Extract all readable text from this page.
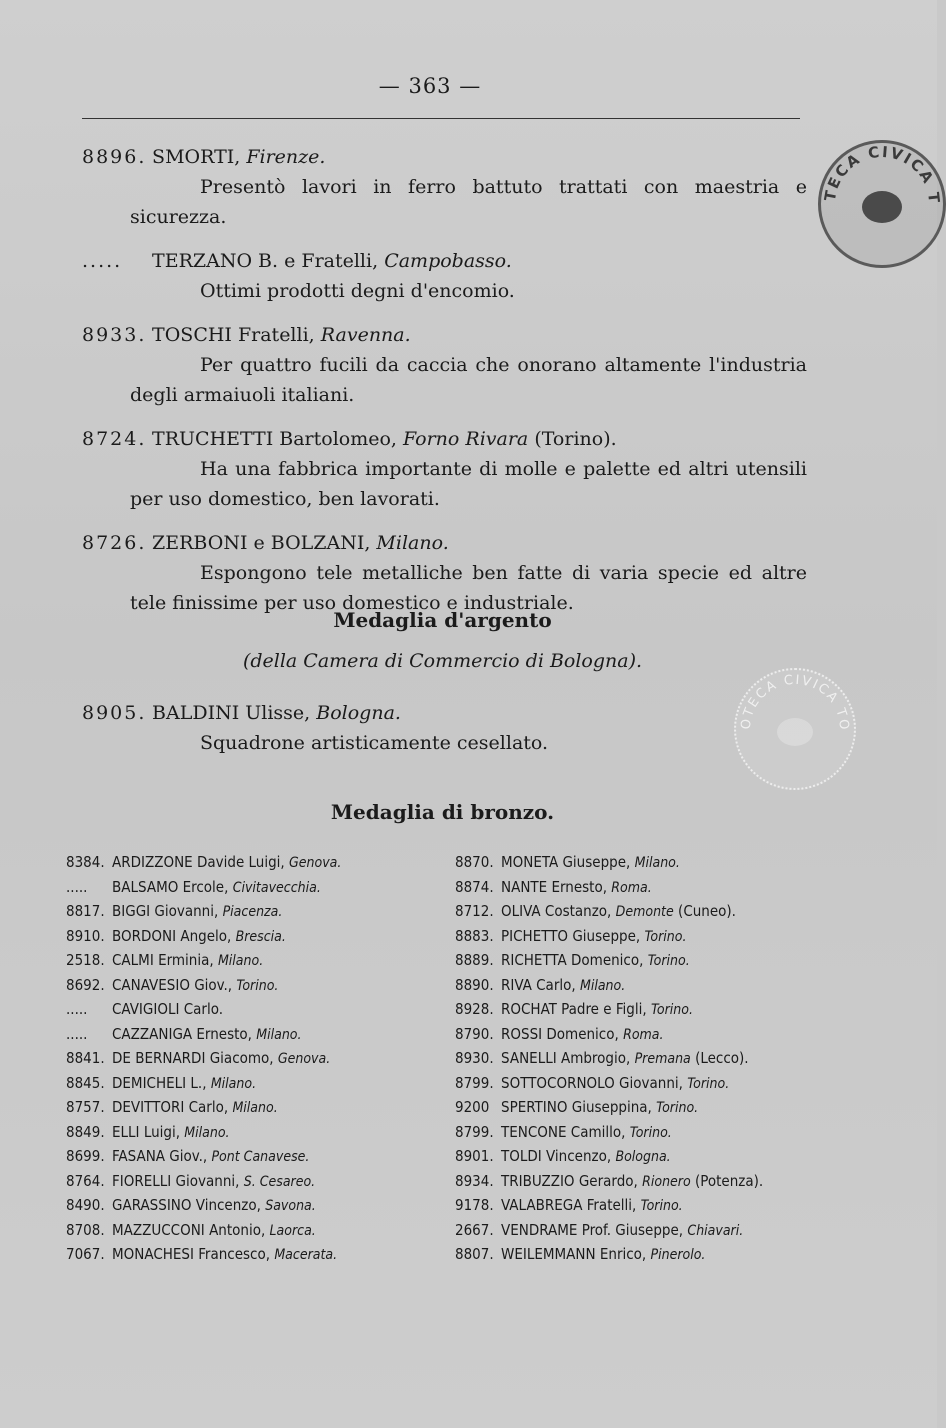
— 363 —
TECA CIVICA T
OTECA CIVICA TO
8896. SMORTI, Firenze.
Presentò lavori in ferro battuto trattati con maestria e sicurezza.
..... TERZANO B. e Fratelli, Campobasso.
Ottimi prodotti degni d'encomio.
8933. TOSCHI Fratelli, Ravenna.
Per quattro fucili da caccia che onorano altamente l'industria degli armaiuoli italiani.
8724. TRUCHETTI Bartolomeo, Forno Rivara (Torino).
Ha una fabbrica importante di molle e palette ed altri utensili per uso domestico, ben lavorati.
8726. ZERBONI e BOLZANI, Milano.
Espongono tele metalliche ben fatte di varia specie ed altre tele finissime per uso domestico e industriale.
Medaglia d'argento
(della Camera di Commercio di Bologna).
8905. BALDINI Ulisse, Bologna.
Squadrone artisticamente cesellato.
Medaglia di bronzo.
8384. ARDIZZONE Davide Luigi, Genova.
..... BALSAMO Ercole, Civitavecchia.
8817. BIGGI Giovanni, Piacenza.
8910. BORDONI Angelo, Brescia.
2518. CALMI Erminia, Milano.
8692. CANAVESIO Giov., Torino.
..... CAVIGIOLI Carlo.
..... CAZZANIGA Ernesto, Milano.
8841. DE BERNARDI Giacomo, Genova.
8845. DEMICHELI L., Milano.
8757. DEVITTORI Carlo, Milano.
8849. ELLI Luigi, Milano.
8699. FASANA Giov., Pont Canavese.
8764. FIORELLI Giovanni, S. Cesareo.
8490. GARASSINO Vincenzo, Savona.
8708. MAZZUCCONI Antonio, Laorca.
7067. MONACHESI Francesco, Macerata.
8870. MONETA Giuseppe, Milano.
8874. NANTE Ernesto, Roma.
8712. OLIVA Costanzo, Demonte (Cuneo).
8883. PICHETTO Giuseppe, Torino.
8889. RICHETTA Domenico, Torino.
8890. RIVA Carlo, Milano.
8928. ROCHAT Padre e Figli, Torino.
8790. ROSSI Domenico, Roma.
8930. SANELLI Ambrogio, Premana (Lecco).
8799. SOTTOCORNOLO Giovanni, Torino.
9200 SPERTINO Giuseppina, Torino.
8799. TENCONE Camillo, Torino.
8901. TOLDI Vincenzo, Bologna.
8934. TRIBUZZIO Gerardo, Rionero (Potenza).
9178. VALABREGA Fratelli, Torino.
2667. VENDRAME Prof. Giuseppe, Chiavari.
8807. WEILEMMANN Enrico, Pinerolo.
